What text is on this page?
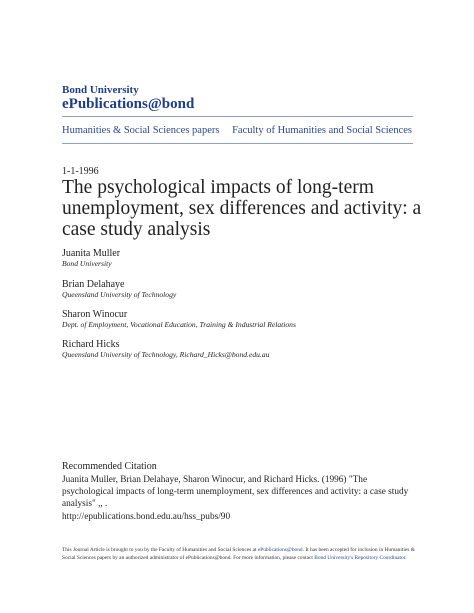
Bond University
ePublications@bond
Humanities & Social Sciences papers Faculty of Humanities and Social Sciences
1-1-1996
The psychological impacts of long-term unemployment, sex differences and activity: a case study analysis
Juanita Muller
Bond University
Brian Delahaye
Queensland University of Technology
Sharon Winocur
Dept. of Employment, Vocational Education, Training & Industrial Relations
Richard Hicks
Queensland University of Technology, Richard_Hicks@bond.edu.au
Recommended Citation
Juanita Muller, Brian Delahaye, Sharon Winocur, and Richard Hicks. (1996) "The psychological impacts of long-term unemployment, sex differences and activity: a case study analysis" ,, .
http://epublications.bond.edu.au/hss_pubs/90
This Journal Article is brought to you by the Faculty of Humanities and Social Sciences at ePublications@bond. It has been accepted for inclusion in Humanities & Social Sciences papers by an authorized administrator of ePublications@bond. For more information, please contact Bond University's Repository Coordinator.
